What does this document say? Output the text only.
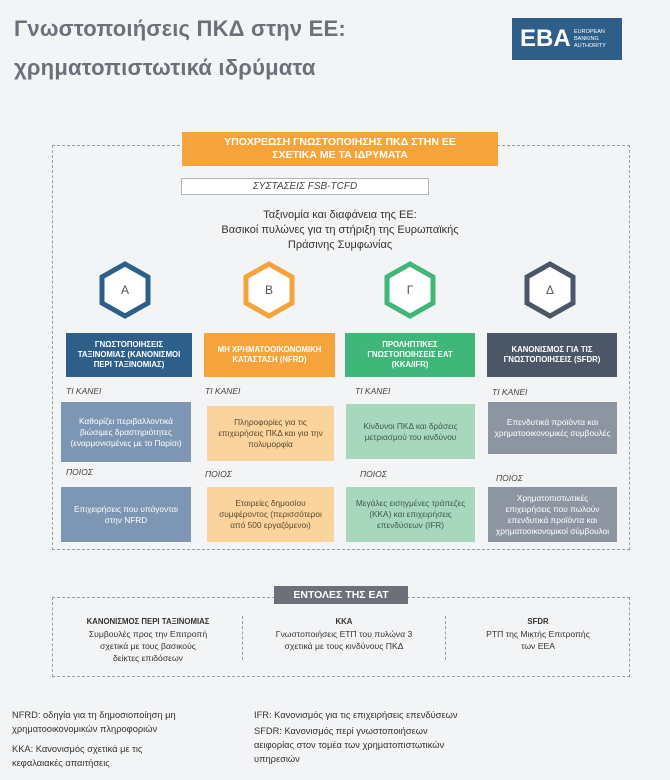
Γνωστοποιήσεις ΠΚΔ στην ΕΕ:
χρηματοπιστωτικά ιδρύματα
EBA EUROPEAN
BANKING
AUTHORITY
ΥΠΟΧΡΕΩΣΗ ΓΝΩΣΤΟΠΟΙΗΣΗΣ ΠΚΔ ΣΤΗΝ ΕΕ
ΣΧΕΤΙΚΑ ΜΕ ΤΑ ΙΔΡΥΜΑΤΑ
ΣΥΣΤΑΣΕΙΣ FSB-TCFD
Ταξινομία και διαφάνεια της ΕΕ:
Βασικοί πυλώνες για τη στήριξη της Ευρωπαϊκής
Πράσινης Συμφωνίας
Α	Β	Γ	Δ
ΓΝΩΣΤΟΠΟΙΗΣΕΙΣ ΤΑΞΙΝΟΜΙΑΣ (ΚΑΝΟΝΙΣΜΟΙ ΠΕΡΙ ΤΑΞΙΝΟΜΙΑΣ)
ΜΗ ΧΡΗΜΑΤΟΟΙΚΟΝΟΜΙΚΗ ΚΑΤΑΣΤΑΣΗ (NFRD)
ΠΡΟΛΗΠΤΙΚΕΣ ΓΝΩΣΤΟΠΟΙΗΣΕΙΣ ΕΑΤ (ΚΚΑ/IFR)
ΚΑΝΟΝΙΣΜΟΣ ΓΙΑ ΤΙΣ ΓΝΩΣΤΟΠΟΙΗΣΕΙΣ (SFDR)
ΤΙ ΚΑΝΕΙ	ΤΙ ΚΑΝΕΙ	ΤΙ ΚΑΝΕΙ	ΤΙ ΚΑΝΕΙ
Καθορίζει περιβαλλοντικά βιώσιμες δραστηριότητες (εναρμονισμένες με το Παρίσι)
Πληροφορίες για τις επιχειρήσεις ΠΚΔ και για την πολυμορφία
Κίνδυνοι ΠΚΔ και δράσεις μετριασμού του κινδύνου
Επενδυτικά προϊόντα και χρηματοοικονομικές συμβουλές
ΠΟΙΟΣ	ΠΟΙΟΣ	ΠΟΙΟΣ	ΠΟΙΟΣ
Επιχειρήσεις που υπάγονται στην NFRD
Εταιρείες δημοσίου συμφέροντος (περισσότεροι από 500 εργαζόμενοι)
Μεγάλες εισηγμένες τράπεζες (ΚΚΑ) και επιχειρήσεις επενδύσεων (IFR)
Χρηματοπιστωτικές επιχειρήσεις που πωλούν επενδυτικά προϊόντα και χρηματοοικονομικοί σύμβουλοι
ΕΝΤΟΛΕΣ ΤΗΣ ΕΑΤ
ΚΑΝΟΝΙΣΜΟΣ ΠΕΡΙ ΤΑΞΙΝΟΜΙΑΣ
Συμβουλές προς την Επιτροπή
σχετικά με τους βασικούς
δείκτες επιδόσεων
ΚΚΑ
Γνωστοποιήσεις ΕΤΠ του πυλώνα 3
σχετικά με τους κινδύνους ΠΚΔ
SFDR
ΡΤΠ της Μικτής Επιτροπής
των ΕΕΑ
NFRD: οδηγία για τη δημοσιοποίηση μη
χρηματοοικονομικών πληροφοριών
ΚΚΑ: Κανονισμός σχετικά με τις
κεφαλαιακές απαιτήσεις
IFR: Κανονισμός για τις επιχειρήσεις επενδύσεων
SFDR: Κανονισμός περί γνωστοποιήσεων
αειφορίας στον τομέα των χρηματοπιστωτικών
υπηρεσιών
